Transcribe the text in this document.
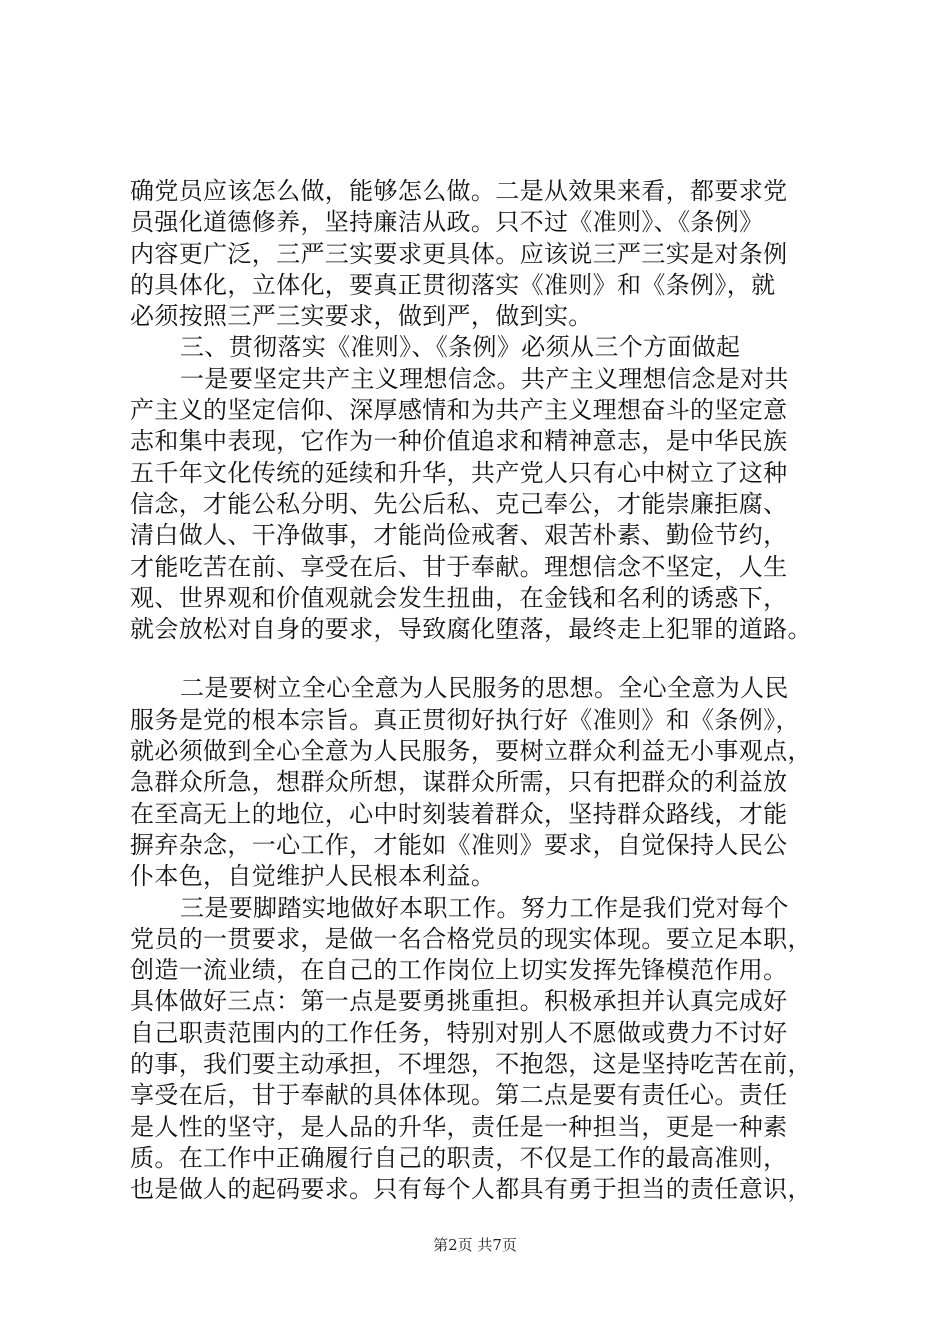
确党员应该怎么做，能够怎么做。二是从效果来看，都要求党
员强化道德修养，坚持廉洁从政。只不过《准则》、《条例》
内容更广泛，三严三实要求更具体。应该说三严三实是对条例
的具体化，立体化，要真正贯彻落实《准则》和《条例》，就
必须按照三严三实要求，做到严，做到实。
三、贯彻落实《准则》、《条例》必须从三个方面做起
一是要坚定共产主义理想信念。共产主义理想信念是对共
产主义的坚定信仰、深厚感情和为共产主义理想奋斗的坚定意
志和集中表现，它作为一种价值追求和精神意志，是中华民族
五千年文化传统的延续和升华，共产党人只有心中树立了这种
信念，才能公私分明、先公后私、克己奉公，才能崇廉拒腐、
清白做人、干净做事，才能尚俭戒奢、艰苦朴素、勤俭节约，
才能吃苦在前、享受在后、甘于奉献。理想信念不坚定，人生
观、世界观和价值观就会发生扭曲，在金钱和名利的诱惑下，
就会放松对自身的要求，导致腐化堕落，最终走上犯罪的道路。
二是要树立全心全意为人民服务的思想。全心全意为人民
服务是党的根本宗旨。真正贯彻好执行好《准则》和《条例》，
就必须做到全心全意为人民服务，要树立群众利益无小事观点，
急群众所急，想群众所想，谋群众所需，只有把群众的利益放
在至高无上的地位，心中时刻装着群众，坚持群众路线，才能
摒弃杂念，一心工作，才能如《准则》要求，自觉保持人民公
仆本色，自觉维护人民根本利益。
三是要脚踏实地做好本职工作。努力工作是我们党对每个
党员的一贯要求，是做一名合格党员的现实体现。要立足本职，
创造一流业绩，在自己的工作岗位上切实发挥先锋模范作用。
具体做好三点：第一点是要勇挑重担。积极承担并认真完成好
自己职责范围内的工作任务，特别对别人不愿做或费力不讨好
的事，我们要主动承担，不埋怨，不抱怨，这是坚持吃苦在前，
享受在后，甘于奉献的具体体现。第二点是要有责任心。责任
是人性的坚守，是人品的升华，责任是一种担当，更是一种素
质。在工作中正确履行自己的职责，不仅是工作的最高准则，
也是做人的起码要求。只有每个人都具有勇于担当的责任意识，
第2页 共7页
